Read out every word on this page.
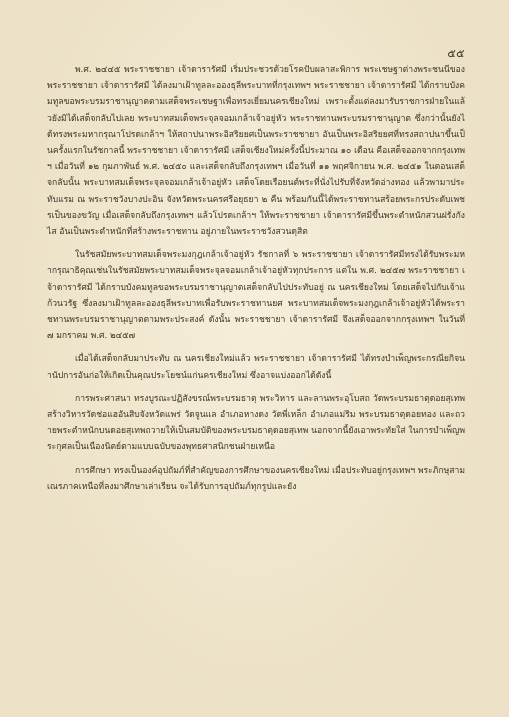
๕๕

พ.ศ. ๒๔๔๕ พระราชชายา เจ้าดารารัศมี เริ่มประชวรด้วยโรคปับผลาสะพิการ พระเชษฐาต่างพระชนนีของพระราชชายา เจ้าดารารัศมี ได้ลงมาเฝ้าทูลละอองธุลีพระบาทที่กรุงเทพฯ พระราชชายา เจ้าดารารัศมี ได้กราบบังคมทูลขอพระบรมราชานุญาตตามเสด็จพระเชษฐาเพื่อทรงเยี่ยมนครเชียงใหม่ เพราะตั้งแต่ลงมารับราชการฝ่ายในแล้วยังมิได้เสด็จกลับไปเลย พระบาทสมเด็จพระจุลจอมเกล้าเจ้าอยู่หัว พระราชทานพระบรมราชานุญาต ซึ่งกว่านั้นยังได้ทรงพระมหากรุณาโปรดเกล้าฯ ให้สถาปนาพระอิสริยยศเป็นพระราชชายา อันเป็นพระอิสริยยศที่ทรงสถาปนาขึ้นเป็นครั้งแรกในรัชกาลนี้ พระราชชายา เจ้าดารารัศมี เสด็จเชียงใหม่ครั้งนี้ประมาณ ๑๐ เดือน คือเสด็จออกจากกรุงเทพฯ เมื่อวันที่ ๑๒ กุมภาพันธ์ พ.ศ. ๒๔๕๐ และเสด็จกลับถึงกรุงเทพฯ เมื่อวันที่ ๑๑ พฤศจิกายน พ.ศ. ๒๔๕๑ ในตอนเสด็จกลับนั้น พระบาทสมเด็จพระจุลจอมเกล้าเจ้าอยู่หัว เสด็จโดยเรือยนต์พระที่นั่งไปรับที่จังหวัดอ่างทอง แล้วพามาประทับแรม ณ พระราชวังบางปะอิน จังหวัดพระนครศรีอยุธยา ๒ คืน พร้อมกันนี้ได้พระราชทานสร้อยพระกรประดับเพชรเป็นของขวัญ เมื่อเสด็จกลับถึงกรุงเทพฯ แล้วโปรดเกล้าฯ ให้พระราชชายา เจ้าดารารัศมีขึ้นพระตำหนักสวนฝรั่งกังไส อันเป็นพระตำหนักที่สร้างพระราชทาน อยู่ภายในพระราชวังสวนดุสิต

ในรัชสมัยพระบาทสมเด็จพระมงกุฎเกล้าเจ้าอยู่หัว รัชกาลที่ ๖ พระราชชายา เจ้าดารารัศมีทรงได้รับพระมหากรุณาธิคุณเช่นในรัชสมัยพระบาทสมเด็จพระจุลจอมเกล้าเจ้าอยู่หัวทุกประการ แต่ใน พ.ศ. ๒๔๕๗ พระราชชายา เจ้าดารารัศมี ได้กราบบังคมทูลขอพระบรมราชานุญาตเสด็จกลับไปประทับอยู่ ณ นครเชียงใหม่ โดยเสด็จไปกับเจ้าแก้วนวรัฐ ซึ่งลงมาเฝ้าทูลละอองธุลีพระบาทเพื่อรับพระราชทานยศ พระบาทสมเด็จพระมงกุฎเกล้าเจ้าอยู่หัวได้พระราชทานพระบรมราชานุญาตตามพระประสงค์ ดังนั้น พระราชชายา เจ้าดารารัศมี จึงเสด็จออกจากกรุงเทพฯ ในวันที่ ๗ มกราคม พ.ศ. ๒๔๕๗

เมื่อได้เสด็จกลับมาประทับ ณ นครเชียงใหม่แล้ว พระราชชายา เจ้าดารารัศมี ได้ทรงบำเพ็ญพระกรณียกิจนานัปการอันก่อให้เกิดเป็นคุณประโยชน์แก่นครเชียงใหม่ ซึ่งอาจแบ่งออกได้ดังนี้

การพระศาสนา ทรงบูรณะปฏิสังขรณ์พระบรมธาตุ พระวิหาร และลานพระอุโบสถ วัดพระบรมธาตุดอยสุเทพ สร้างวิหารวัดช่อแฮอันสิบจังหวัดแพร่ วัดจูนแล อำเภอหางดง วัดพี่เหล็ก อำเภอแม่ริม พระบรมธาตุดอยทอง และถวายพระตำหนักบนดอยสุเทพถวายให้เป็นสมบัติของพระบรมธาตุดอยสุเทพ นอกจากนี้ยังเอาพระทัยใส่ ในการบำเพ็ญพระกุศลเป็นเนืองนิตย์ตามแบบฉบับของพุทธศาสนิกชนฝ่ายเหนือ

การศึกษา ทรงเป็นองค์อุปถัมภ์ที่สำคัญของการศึกษาของนครเชียงใหม่ เมื่อประทับอยู่กรุงเทพฯ พระภิกษุสามเณรภาคเหนือที่ลงมาศึกษาเล่าเรียน จะได้รับการอุปถัมภ์ทุกรูปและยัง
